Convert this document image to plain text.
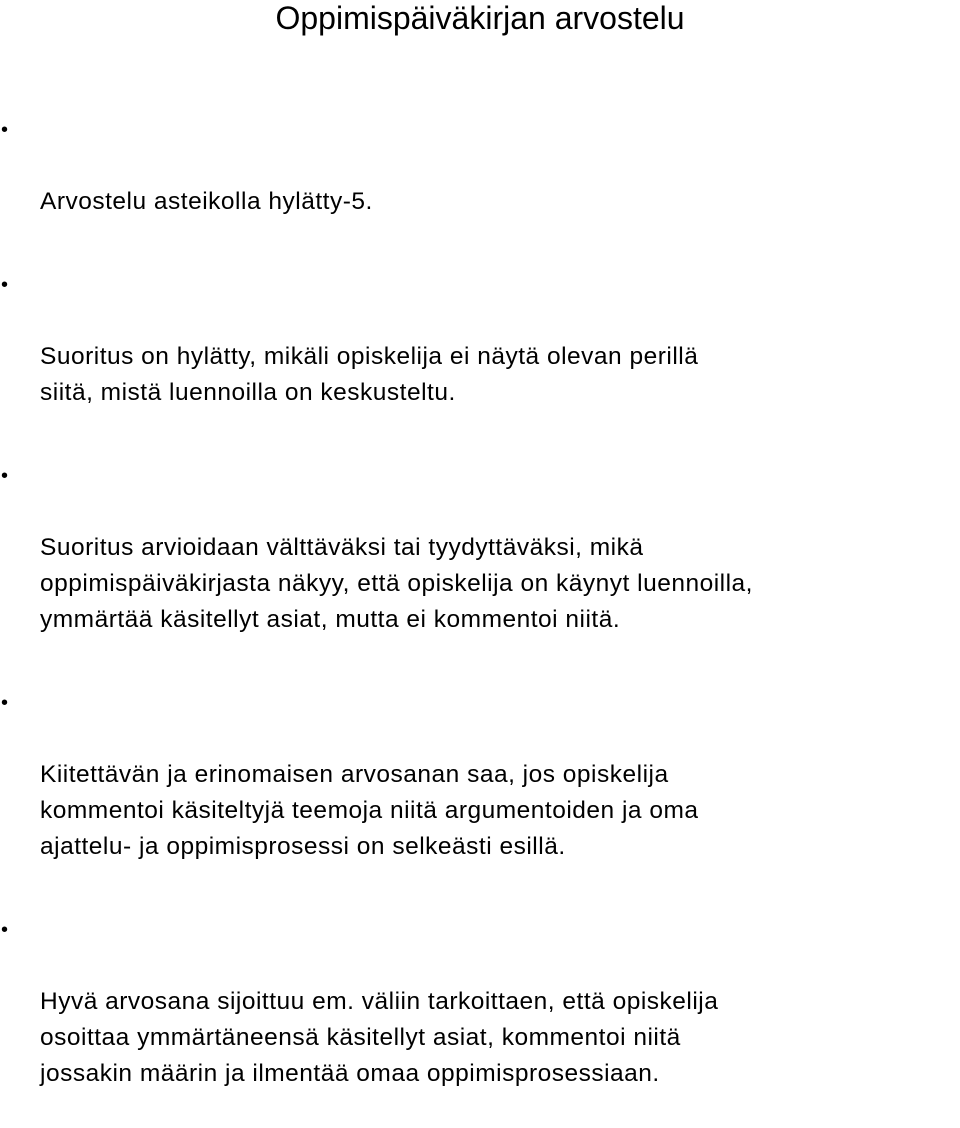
Oppimispäiväkirjan arvostelu

•

Arvostelu asteikolla hylätty-5.

•

Suoritus on hylätty, mikäli opiskelija ei näytä olevan perillä
siitä, mistä luennoilla on keskusteltu.

•

Suoritus arvioidaan välttäväksi tai tyydyttäväksi, mikä
oppimispäiväkirjasta näkyy, että opiskelija on käynyt luennoilla,
ymmärtää käsitellyt asiat, mutta ei kommentoi niitä.

•

Kiitettävän ja erinomaisen arvosanan saa, jos opiskelija
kommentoi käsiteltyjä teemoja niitä argumentoiden ja oma
ajattelu- ja oppimisprosessi on selkeästi esillä.

•

Hyvä arvosana sijoittuu em. väliin tarkoittaen, että opiskelija
osoittaa ymmärtäneensä käsitellyt asiat, kommentoi niitä
jossakin määrin ja ilmentää omaa oppimisprosessiaan.
